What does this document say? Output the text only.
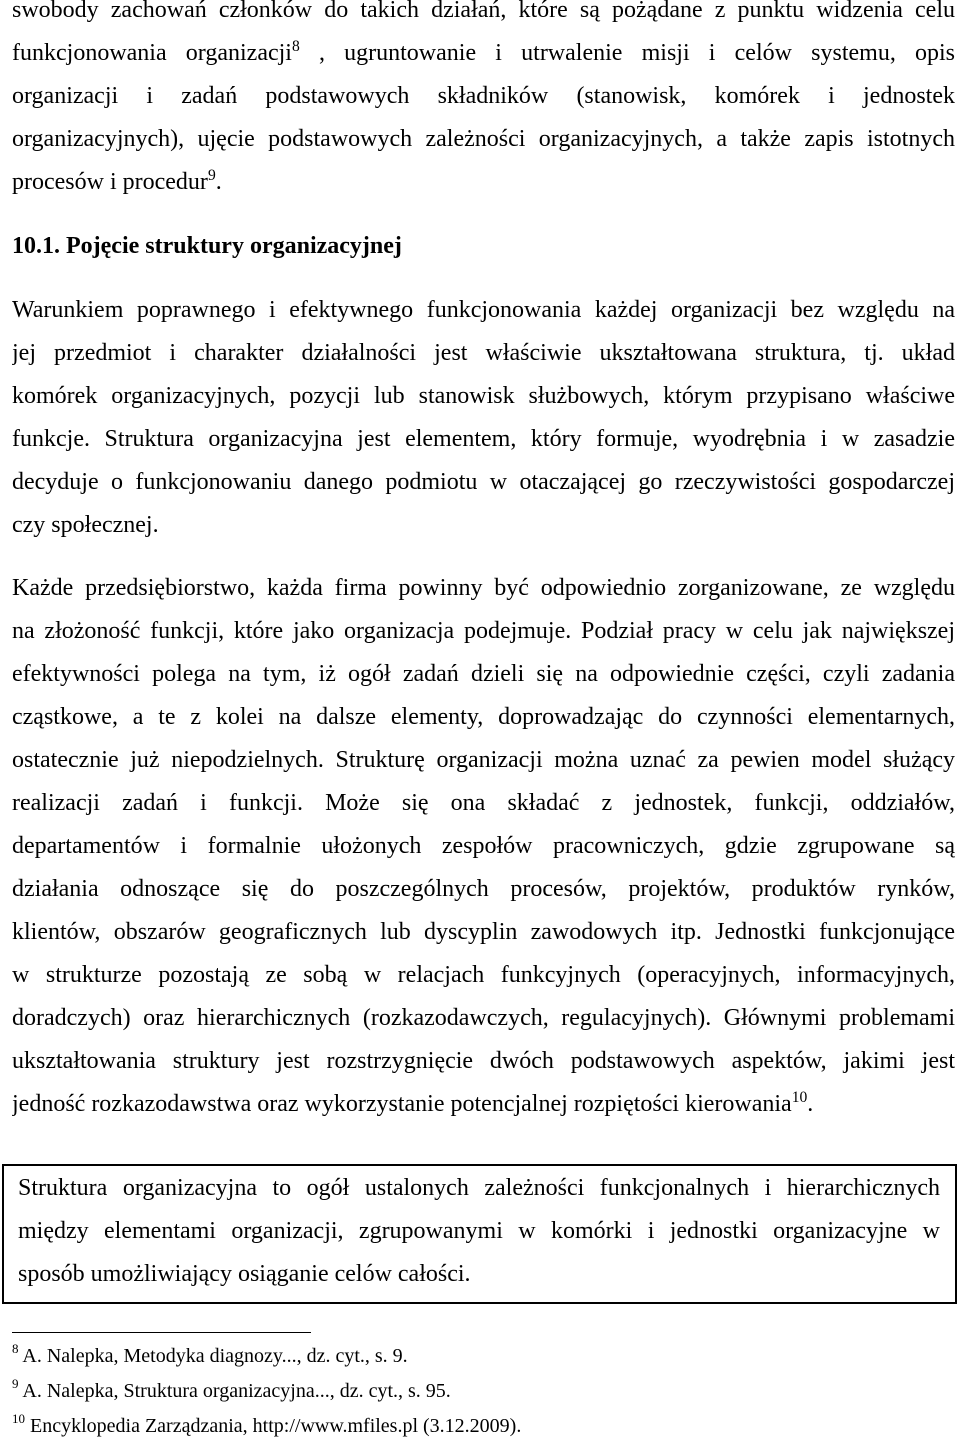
swobody zachowań członków do takich działań, które są pożądane z punktu widzenia celu
funkcjonowania organizacji$^8$ , ugruntowanie i utrwalenie misji i celów systemu, opis
organizacji i zadań podstawowych składników (stanowisk, komórek i jednostek
organizacyjnych), ujęcie podstawowych zależności organizacyjnych, a także zapis istotnych
procesów i procedur$^9$.
10.1. Pojęcie struktury organizacyjnej
Warunkiem poprawnego i efektywnego funkcjonowania każdej organizacji bez względu na
jej przedmiot i charakter działalności jest właściwie ukształtowana struktura, tj. układ
komórek organizacyjnych, pozycji lub stanowisk służbowych, którym przypisano właściwe
funkcje. Struktura organizacyjna jest elementem, który formuje, wyodrębnia i w zasadzie
decyduje o funkcjonowaniu danego podmiotu w otaczającej go rzeczywistości gospodarczej
czy społecznej.
Każde przedsiębiorstwo, każda firma powinny być odpowiednio zorganizowane, ze względu
na złożoność funkcji, które jako organizacja podejmuje. Podział pracy w celu jak największej
efektywności polega na tym, iż ogół zadań dzieli się na odpowiednie części, czyli zadania
cząstkowe, a te z kolei na dalsze elementy, doprowadzając do czynności elementarnych,
ostatecznie już niepodzielnych. Strukturę organizacji można uznać za pewien model służący
realizacji zadań i funkcji. Może się ona składać z jednostek, funkcji, oddziałów,
departamentów i formalnie ułożonych zespołów pracowniczych, gdzie zgrupowane są
działania odnoszące się do poszczególnych procesów, projektów, produktów rynków,
klientów, obszarów geograficznych lub dyscyplin zawodowych itp. Jednostki funkcjonujące
w strukturze pozostają ze sobą w relacjach funkcyjnych (operacyjnych, informacyjnych,
doradczych) oraz hierarchicznych (rozkazodawczych, regulacyjnych). Głównymi problemami
ukształtowania struktury jest rozstrzygnięcie dwóch podstawowych aspektów, jakimi jest
jedność rozkazodawstwa oraz wykorzystanie potencjalnej rozpiętości kierowania$^{10}$.
Struktura organizacyjna to ogół ustalonych zależności funkcjonalnych i hierarchicznych
między elementami organizacji, zgrupowanymi w komórki i jednostki organizacyjne w
sposób umożliwiający osiąganie celów całości.
$^8$ A. Nalepka, Metodyka diagnozy..., dz. cyt., s. 9.
$^9$ A. Nalepka, Struktura organizacyjna..., dz. cyt., s. 95.
$^{10}$ Encyklopedia Zarządzania, http://www.mfiles.pl (3.12.2009).
